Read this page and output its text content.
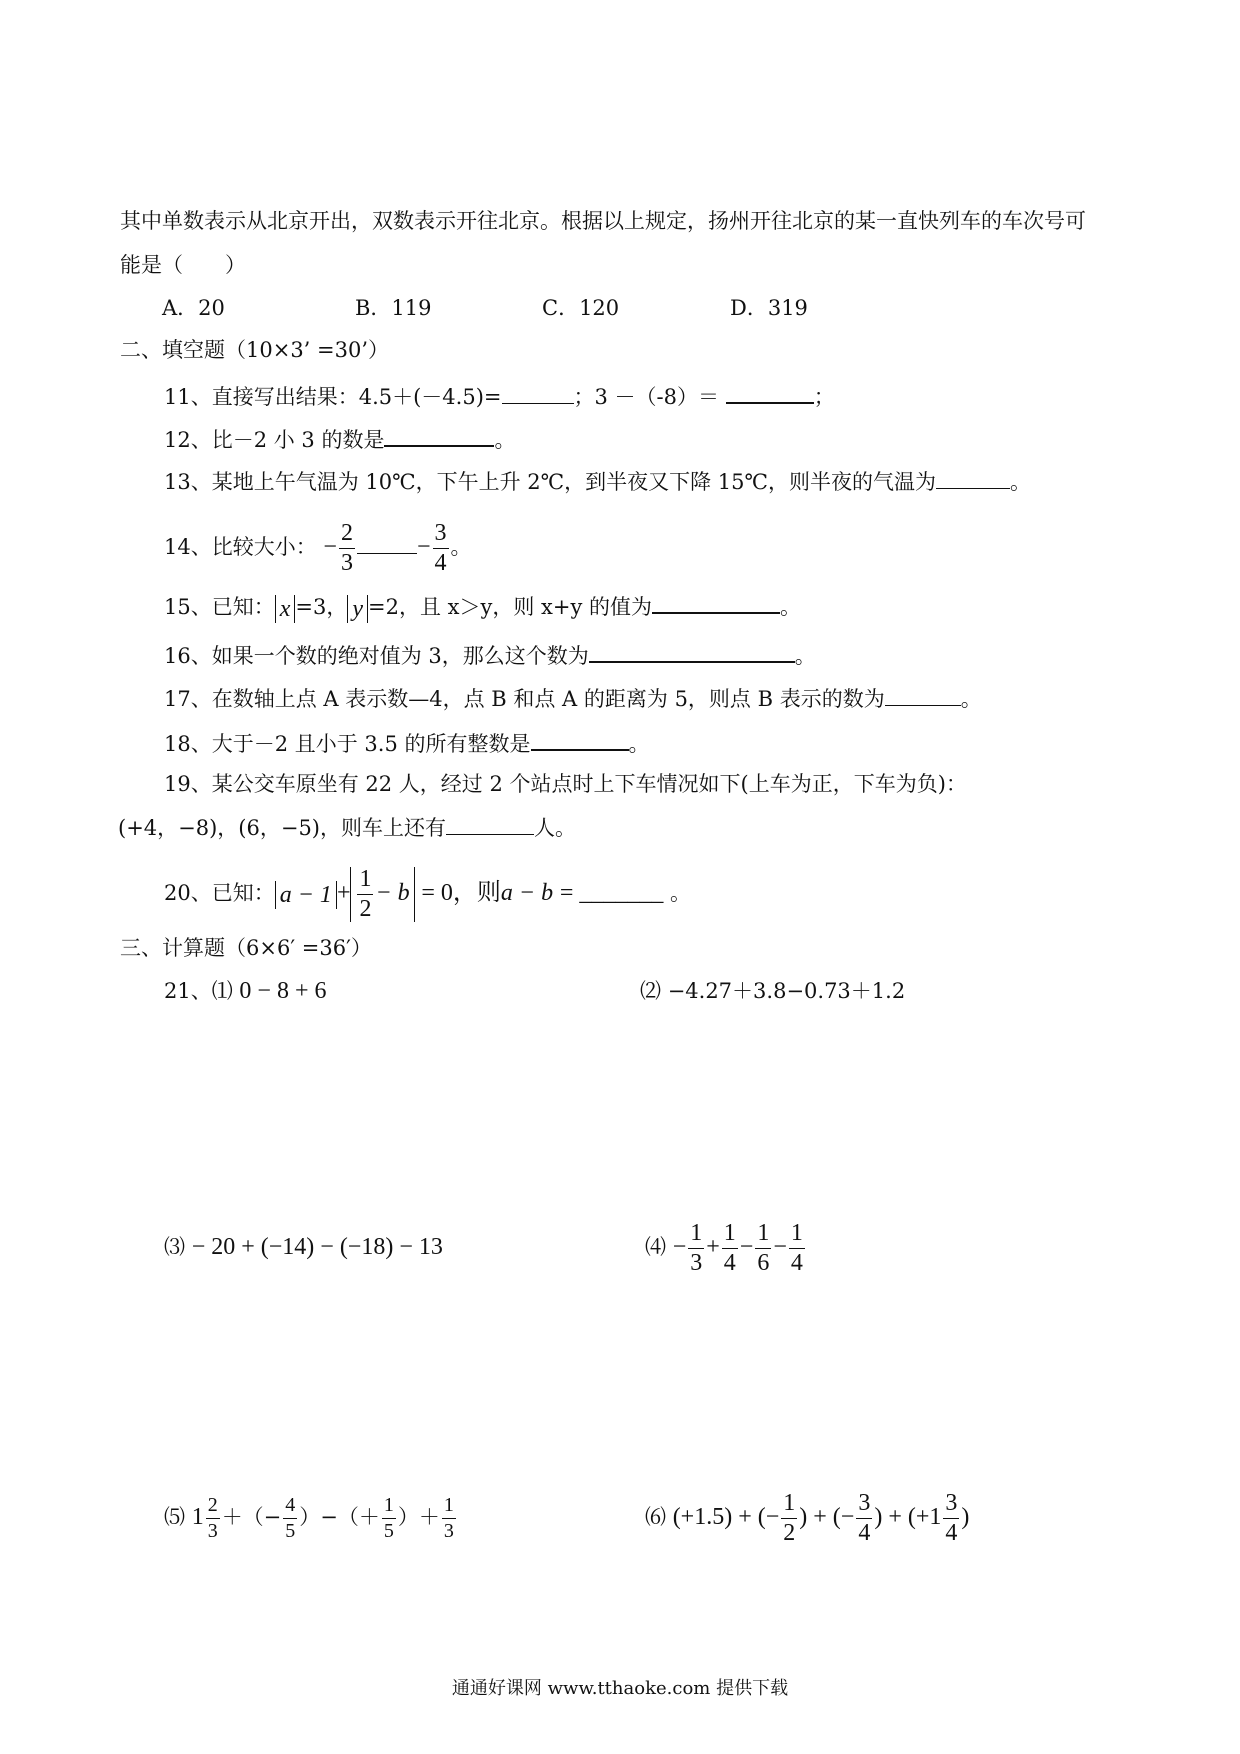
其中单数表示从北京开出，双数表示开往北京。根据以上规定，扬州开往北京的某一直快列车的车次号可
能是（　　）
A．20	B．119	C．120	D．319
二、填空题（10×3’ =30’）
11、直接写出结果：4.5＋(－4.5)=	；3 －（-8）＝	；
12、比－2 小 3 的数是	。
13、某地上午气温为 10℃，下午上升 2℃，到半夜又下降 15℃，则半夜的气温为	。
14、比较大小： − $\frac{2}{3}$	− $\frac{3}{4}$ 。
15、已知： x =3， y =2，且 x＞y，则 x+y 的值为	。
16、如果一个数的绝对值为 3，那么这个数为	。
17、在数轴上点 A 表示数—4，点 B 和点 A 的距离为 5，则点 B 表示的数为	。
18、大于－2 且小于 3.5 的所有整数是	。
19、某公交车原坐有 22 人，经过 2 个站点时上下车情况如下(上车为正，下车为负)：
(+4，−8)，(6，−5)，则车上还有	人。
20、已知： $a - 1 + \frac{1}{2} - b = 0$，则a − b = _______ 。
三、计算题（6×6′ =36′）
21、⑴ 0 − 8 + 6	⑵ −4.27＋3.8−0.73＋1.2
⑶ − 20 + (−14) − (−18) − 13	⑷ − $\frac{1}{3} + \frac{1}{4} - \frac{1}{6} - \frac{1}{4}$
⑸ $1 \frac{2}{3}$ ＋（− $\frac{4}{5}$ ）−（＋ $\frac{1}{5}$ ）＋ $\frac{1}{3}$	⑹ (+1.5) + (− $\frac{1}{2}$ ) + (− $\frac{3}{4}$ ) + ($+1 \frac{3}{4}$ )
通通好课网 www.tthaoke.com 提供下载
